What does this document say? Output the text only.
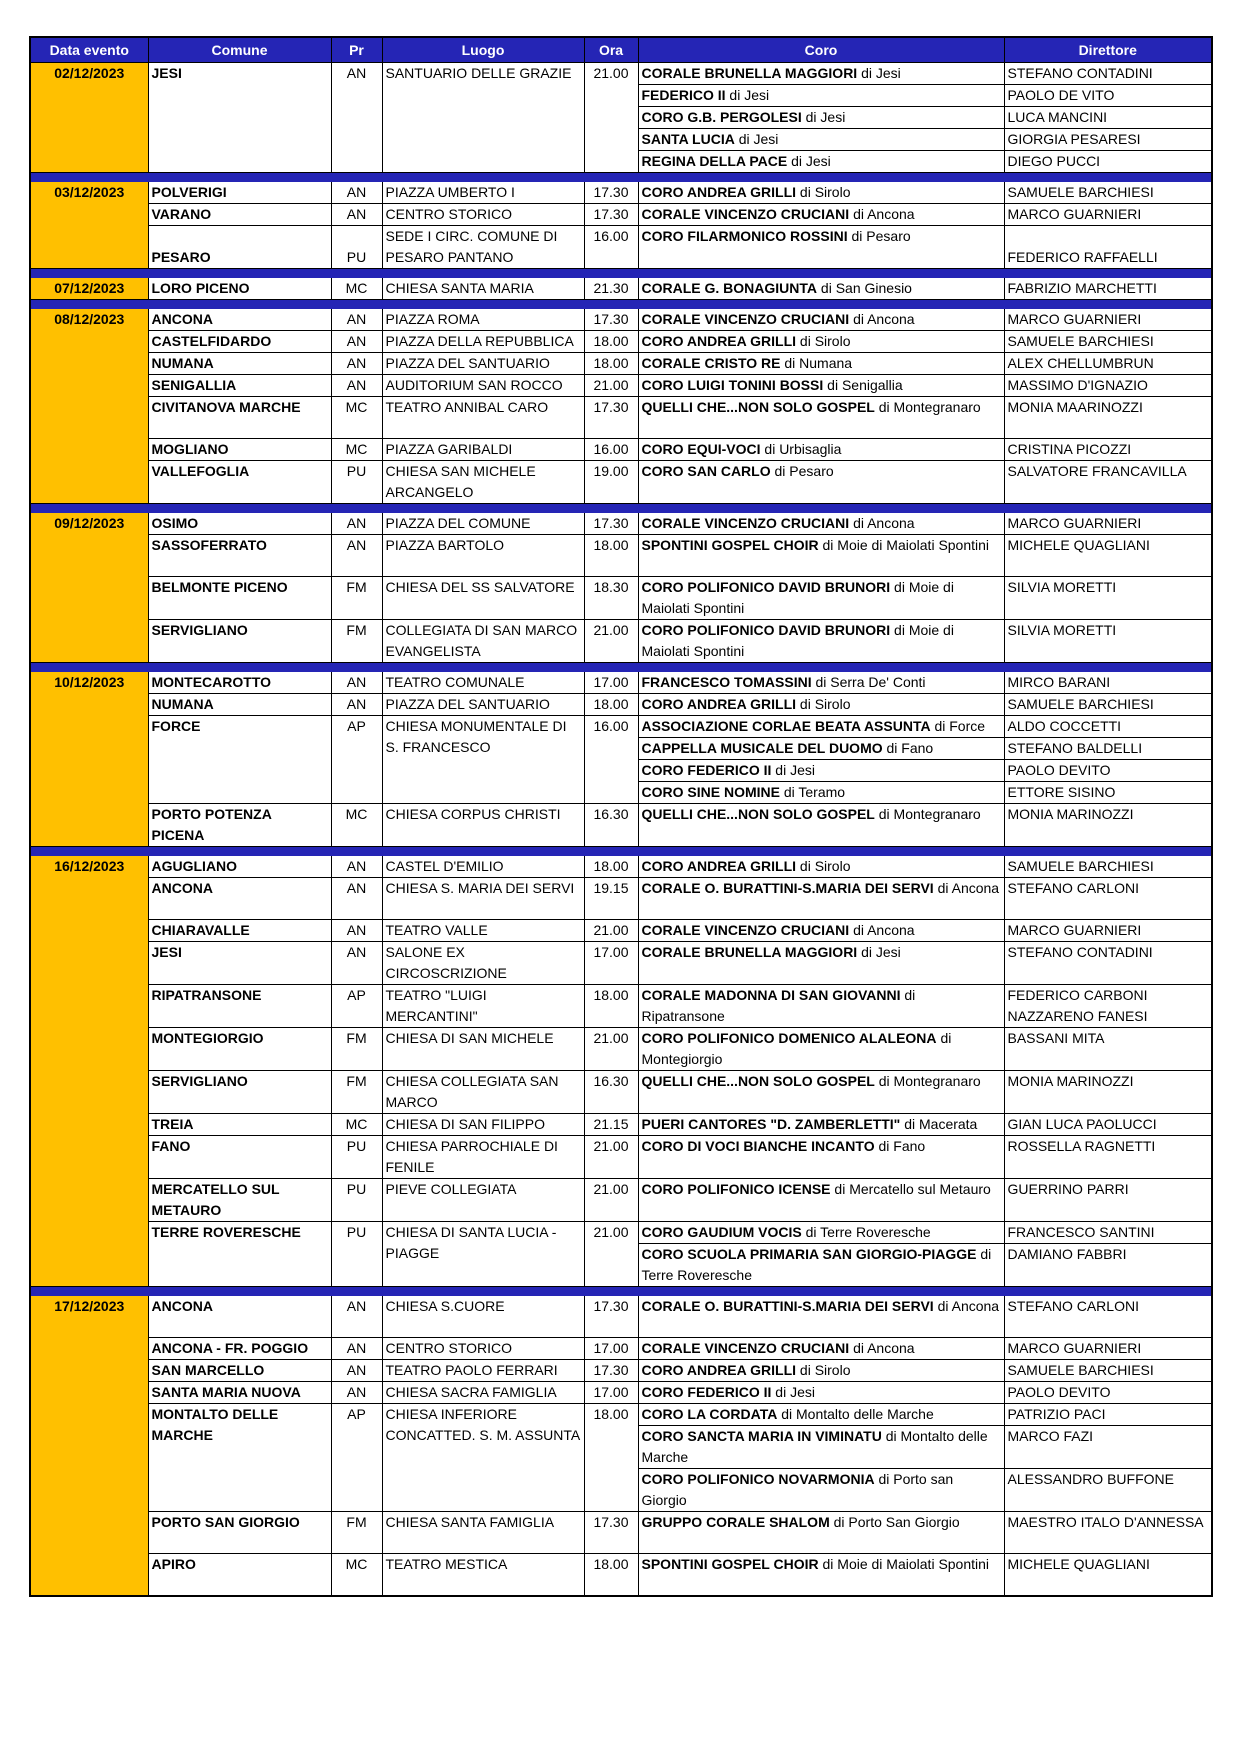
Data evento	Comune	Pr	Luogo	Ora	Coro	Direttore
02/12/2023	JESI	AN	SANTUARIO DELLE GRAZIE	21.00	CORALE BRUNELLA MAGGIORI di Jesi	STEFANO CONTADINI
					FEDERICO II di Jesi	PAOLO DE VITO
					CORO G.B. PERGOLESI di Jesi	LUCA MANCINI
					SANTA LUCIA di Jesi	GIORGIA PESARESI
					REGINA DELLA PACE di Jesi	DIEGO PUCCI

03/12/2023	POLVERIGI	AN	PIAZZA UMBERTO I	17.30	CORO ANDREA GRILLI di Sirolo	SAMUELE BARCHIESI
	VARANO	AN	CENTRO STORICO	17.30	CORALE VINCENZO CRUCIANI di Ancona	MARCO GUARNIERI
	PESARO	PU	SEDE I CIRC. COMUNE DI PESARO PANTANO	16.00	CORO FILARMONICO ROSSINI di Pesaro	FEDERICO RAFFAELLI

07/12/2023	LORO PICENO	MC	CHIESA SANTA MARIA	21.30	CORALE G. BONAGIUNTA di San Ginesio	FABRIZIO MARCHETTI

08/12/2023	ANCONA	AN	PIAZZA ROMA	17.30	CORALE VINCENZO CRUCIANI di Ancona	MARCO GUARNIERI
	CASTELFIDARDO	AN	PIAZZA DELLA REPUBBLICA	18.00	CORO ANDREA GRILLI di Sirolo	SAMUELE BARCHIESI
	NUMANA	AN	PIAZZA DEL SANTUARIO	18.00	CORALE CRISTO RE di Numana	ALEX CHELLUMBRUN
	SENIGALLIA	AN	AUDITORIUM SAN ROCCO	21.00	CORO LUIGI TONINI BOSSI di Senigallia	MASSIMO D'IGNAZIO
	CIVITANOVA MARCHE	MC	TEATRO ANNIBAL CARO	17.30	QUELLI CHE...NON SOLO GOSPEL di Montegranaro	MONIA MAARINOZZI
	MOGLIANO	MC	PIAZZA GARIBALDI	16.00	CORO EQUI-VOCI di Urbisaglia	CRISTINA PICOZZI
	VALLEFOGLIA	PU	CHIESA SAN MICHELE ARCANGELO	19.00	CORO SAN CARLO di Pesaro	SALVATORE FRANCAVILLA

09/12/2023	OSIMO	AN	PIAZZA DEL COMUNE	17.30	CORALE VINCENZO CRUCIANI di Ancona	MARCO GUARNIERI
	SASSOFERRATO	AN	PIAZZA BARTOLO	18.00	SPONTINI GOSPEL CHOIR di Moie di Maiolati Spontini	MICHELE QUAGLIANI
	BELMONTE PICENO	FM	CHIESA DEL SS SALVATORE	18.30	CORO POLIFONICO DAVID BRUNORI di Moie di Maiolati Spontini	SILVIA MORETTI
	SERVIGLIANO	FM	COLLEGIATA DI SAN MARCO EVANGELISTA	21.00	CORO POLIFONICO DAVID BRUNORI di Moie di Maiolati Spontini	SILVIA MORETTI

10/12/2023	MONTECAROTTO	AN	TEATRO COMUNALE	17.00	FRANCESCO TOMASSINI di Serra De' Conti	MIRCO BARANI
	NUMANA	AN	PIAZZA DEL SANTUARIO	18.00	CORO ANDREA GRILLI di Sirolo	SAMUELE BARCHIESI
	FORCE	AP	CHIESA MONUMENTALE DI S. FRANCESCO	16.00	ASSOCIAZIONE CORLAE BEATA ASSUNTA di Force	ALDO COCCETTI
					CAPPELLA MUSICALE DEL DUOMO di Fano	STEFANO BALDELLI
					CORO FEDERICO II di Jesi	PAOLO DEVITO
					CORO SINE NOMINE di Teramo	ETTORE SISINO
	PORTO POTENZA PICENA	MC	CHIESA CORPUS CHRISTI	16.30	QUELLI CHE...NON SOLO GOSPEL di Montegranaro	MONIA MARINOZZI

16/12/2023	AGUGLIANO	AN	CASTEL D'EMILIO	18.00	CORO ANDREA GRILLI di Sirolo	SAMUELE BARCHIESI
	ANCONA	AN	CHIESA S. MARIA DEI SERVI	19.15	CORALE O. BURATTINI-S.MARIA DEI SERVI di Ancona	STEFANO CARLONI
	CHIARAVALLE	AN	TEATRO VALLE	21.00	CORALE VINCENZO CRUCIANI di Ancona	MARCO GUARNIERI
	JESI	AN	SALONE EX CIRCOSCRIZIONE	17.00	CORALE BRUNELLA MAGGIORI di Jesi	STEFANO CONTADINI
	RIPATRANSONE	AP	TEATRO "LUIGI MERCANTINI"	18.00	CORALE MADONNA DI SAN GIOVANNI di Ripatransone	FEDERICO CARBONI NAZZARENO FANESI
	MONTEGIORGIO	FM	CHIESA DI SAN MICHELE	21.00	CORO POLIFONICO DOMENICO ALALEONA di Montegiorgio	BASSANI MITA
	SERVIGLIANO	FM	CHIESA COLLEGIATA SAN MARCO	16.30	QUELLI CHE...NON SOLO GOSPEL di Montegranaro	MONIA MARINOZZI
	TREIA	MC	CHIESA DI SAN FILIPPO	21.15	PUERI CANTORES "D. ZAMBERLETTI" di Macerata	GIAN LUCA PAOLUCCI
	FANO	PU	CHIESA PARROCHIALE DI FENILE	21.00	CORO DI VOCI BIANCHE INCANTO di Fano	ROSSELLA RAGNETTI
	MERCATELLO SUL METAURO	PU	PIEVE COLLEGIATA	21.00	CORO POLIFONICO ICENSE di Mercatello sul Metauro	GUERRINO PARRI
	TERRE ROVERESCHE	PU	CHIESA DI SANTA LUCIA - PIAGGE	21.00	CORO GAUDIUM VOCIS di Terre Roveresche	FRANCESCO SANTINI
					CORO SCUOLA PRIMARIA SAN GIORGIO-PIAGGE di Terre Roveresche	DAMIANO FABBRI

17/12/2023	ANCONA	AN	CHIESA S.CUORE	17.30	CORALE O. BURATTINI-S.MARIA DEI SERVI di Ancona	STEFANO CARLONI
	ANCONA - FR. POGGIO	AN	CENTRO STORICO	17.00	CORALE VINCENZO CRUCIANI di Ancona	MARCO GUARNIERI
	SAN MARCELLO	AN	TEATRO PAOLO FERRARI	17.30	CORO ANDREA GRILLI di Sirolo	SAMUELE BARCHIESI
	SANTA MARIA NUOVA	AN	CHIESA SACRA FAMIGLIA	17.00	CORO FEDERICO II di Jesi	PAOLO DEVITO
	MONTALTO DELLE MARCHE	AP	CHIESA INFERIORE CONCATTED. S. M. ASSUNTA	18.00	CORO LA CORDATA di Montalto delle Marche	PATRIZIO PACI
					CORO SANCTA MARIA IN VIMINATU di Montalto delle Marche	MARCO FAZI
					CORO POLIFONICO NOVARMONIA di Porto san Giorgio	ALESSANDRO BUFFONE
	PORTO SAN GIORGIO	FM	CHIESA SANTA FAMIGLIA	17.30	GRUPPO CORALE SHALOM di Porto San Giorgio	MAESTRO ITALO D'ANNESSA
	APIRO	MC	TEATRO MESTICA	18.00	SPONTINI GOSPEL CHOIR di Moie di Maiolati Spontini	MICHELE QUAGLIANI
